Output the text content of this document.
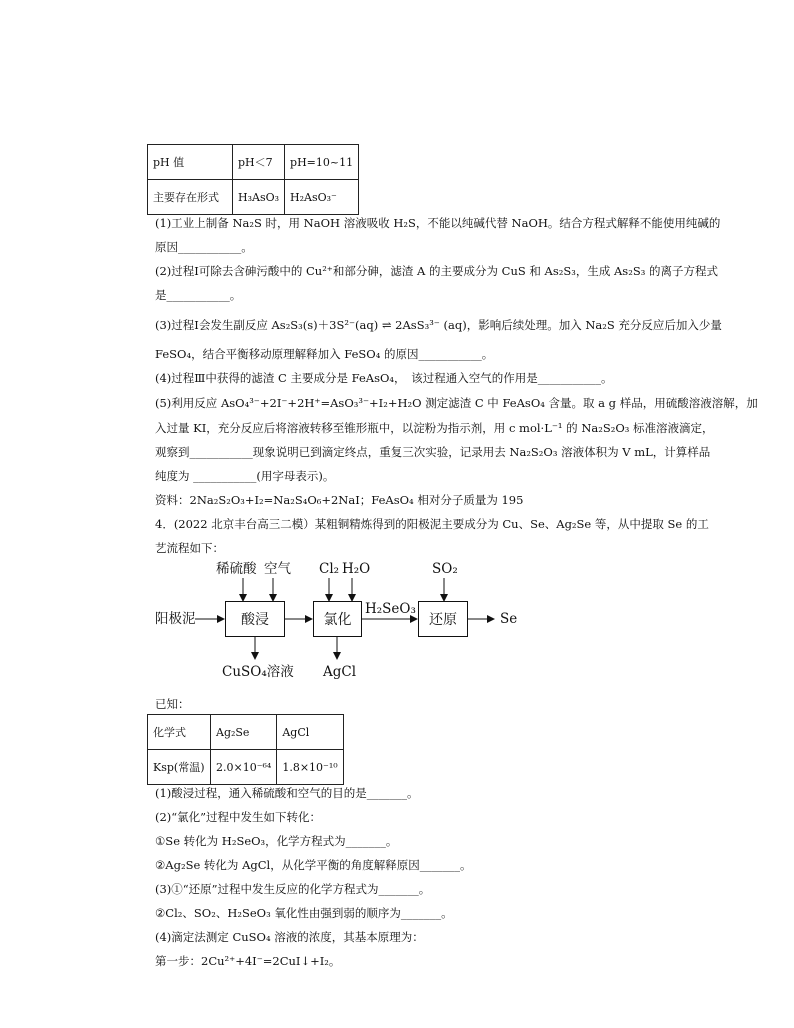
pH 值	pH＜7	pH=10~11
主要存在形式	H₃AsO₃	H₂AsO₃⁻
(1)工业上制备 Na₂S 时，用 NaOH 溶液吸收 H₂S，不能以纯碱代替 NaOH。结合方程式解释不能使用纯碱的
原因___________。
(2)过程Ⅰ可除去含砷污酸中的 Cu²⁺和部分砷，滤渣 A 的主要成分为 CuS 和 As₂S₃，生成 As₂S₃ 的离子方程式
是___________。
(3)过程Ⅰ会发生副反应 As₂S₃(s)＋3S²⁻(aq) ⇌ 2AsS₃³⁻ (aq)，影响后续处理。加入 Na₂S 充分反应后加入少量
FeSO₄，结合平衡移动原理解释加入 FeSO₄ 的原因___________。
(4)过程Ⅲ中获得的滤渣 C 主要成分是 FeAsO₄，　该过程通入空气的作用是___________。
(5)利用反应 AsO₄³⁻+2I⁻+2H⁺=AsO₃³⁻+I₂+H₂O 测定滤渣 C 中 FeAsO₄ 含量。取 a g 样品，用硫酸溶液溶解，加
入过量 KI，充分反应后将溶液转移至锥形瓶中，以淀粉为指示剂，用 c mol·L⁻¹ 的 Na₂S₂O₃ 标准溶液滴定，
观察到___________现象说明已到滴定终点，重复三次实验，记录用去 Na₂S₂O₃ 溶液体积为 V mL，计算样品
纯度为 ___________(用字母表示)。
资料：2Na₂S₂O₃+I₂=Na₂S₄O₆+2NaI；FeAsO₄ 相对分子质量为 195
4．(2022 北京丰台高三二模）某粗铜精炼得到的阳极泥主要成分为 Cu、Se、Ag₂Se 等，从中提取 Se 的工
艺流程如下：
稀硫酸 空气 Cl₂ H₂O	SO₂
阳极泥	酸浸	氯化	还原
H₂SeO₃
Se
CuSO₄溶液 AgCl
已知：
化学式	Ag₂Se	AgCl
Ksp(常温)	2.0×10⁻⁶⁴	1.8×10⁻¹⁰
(1)酸浸过程，通入稀硫酸和空气的目的是_______。
(2)“氯化”过程中发生如下转化：
①Se 转化为 H₂SeO₃，化学方程式为_______。
②Ag₂Se 转化为 AgCl，从化学平衡的角度解释原因_______。
(3)①“还原”过程中发生反应的化学方程式为_______。
②Cl₂、SO₂、H₂SeO₃ 氧化性由强到弱的顺序为_______。
(4)滴定法测定 CuSO₄ 溶液的浓度，其基本原理为：
第一步：2Cu²⁺+4I⁻=2CuI↓+I₂。
